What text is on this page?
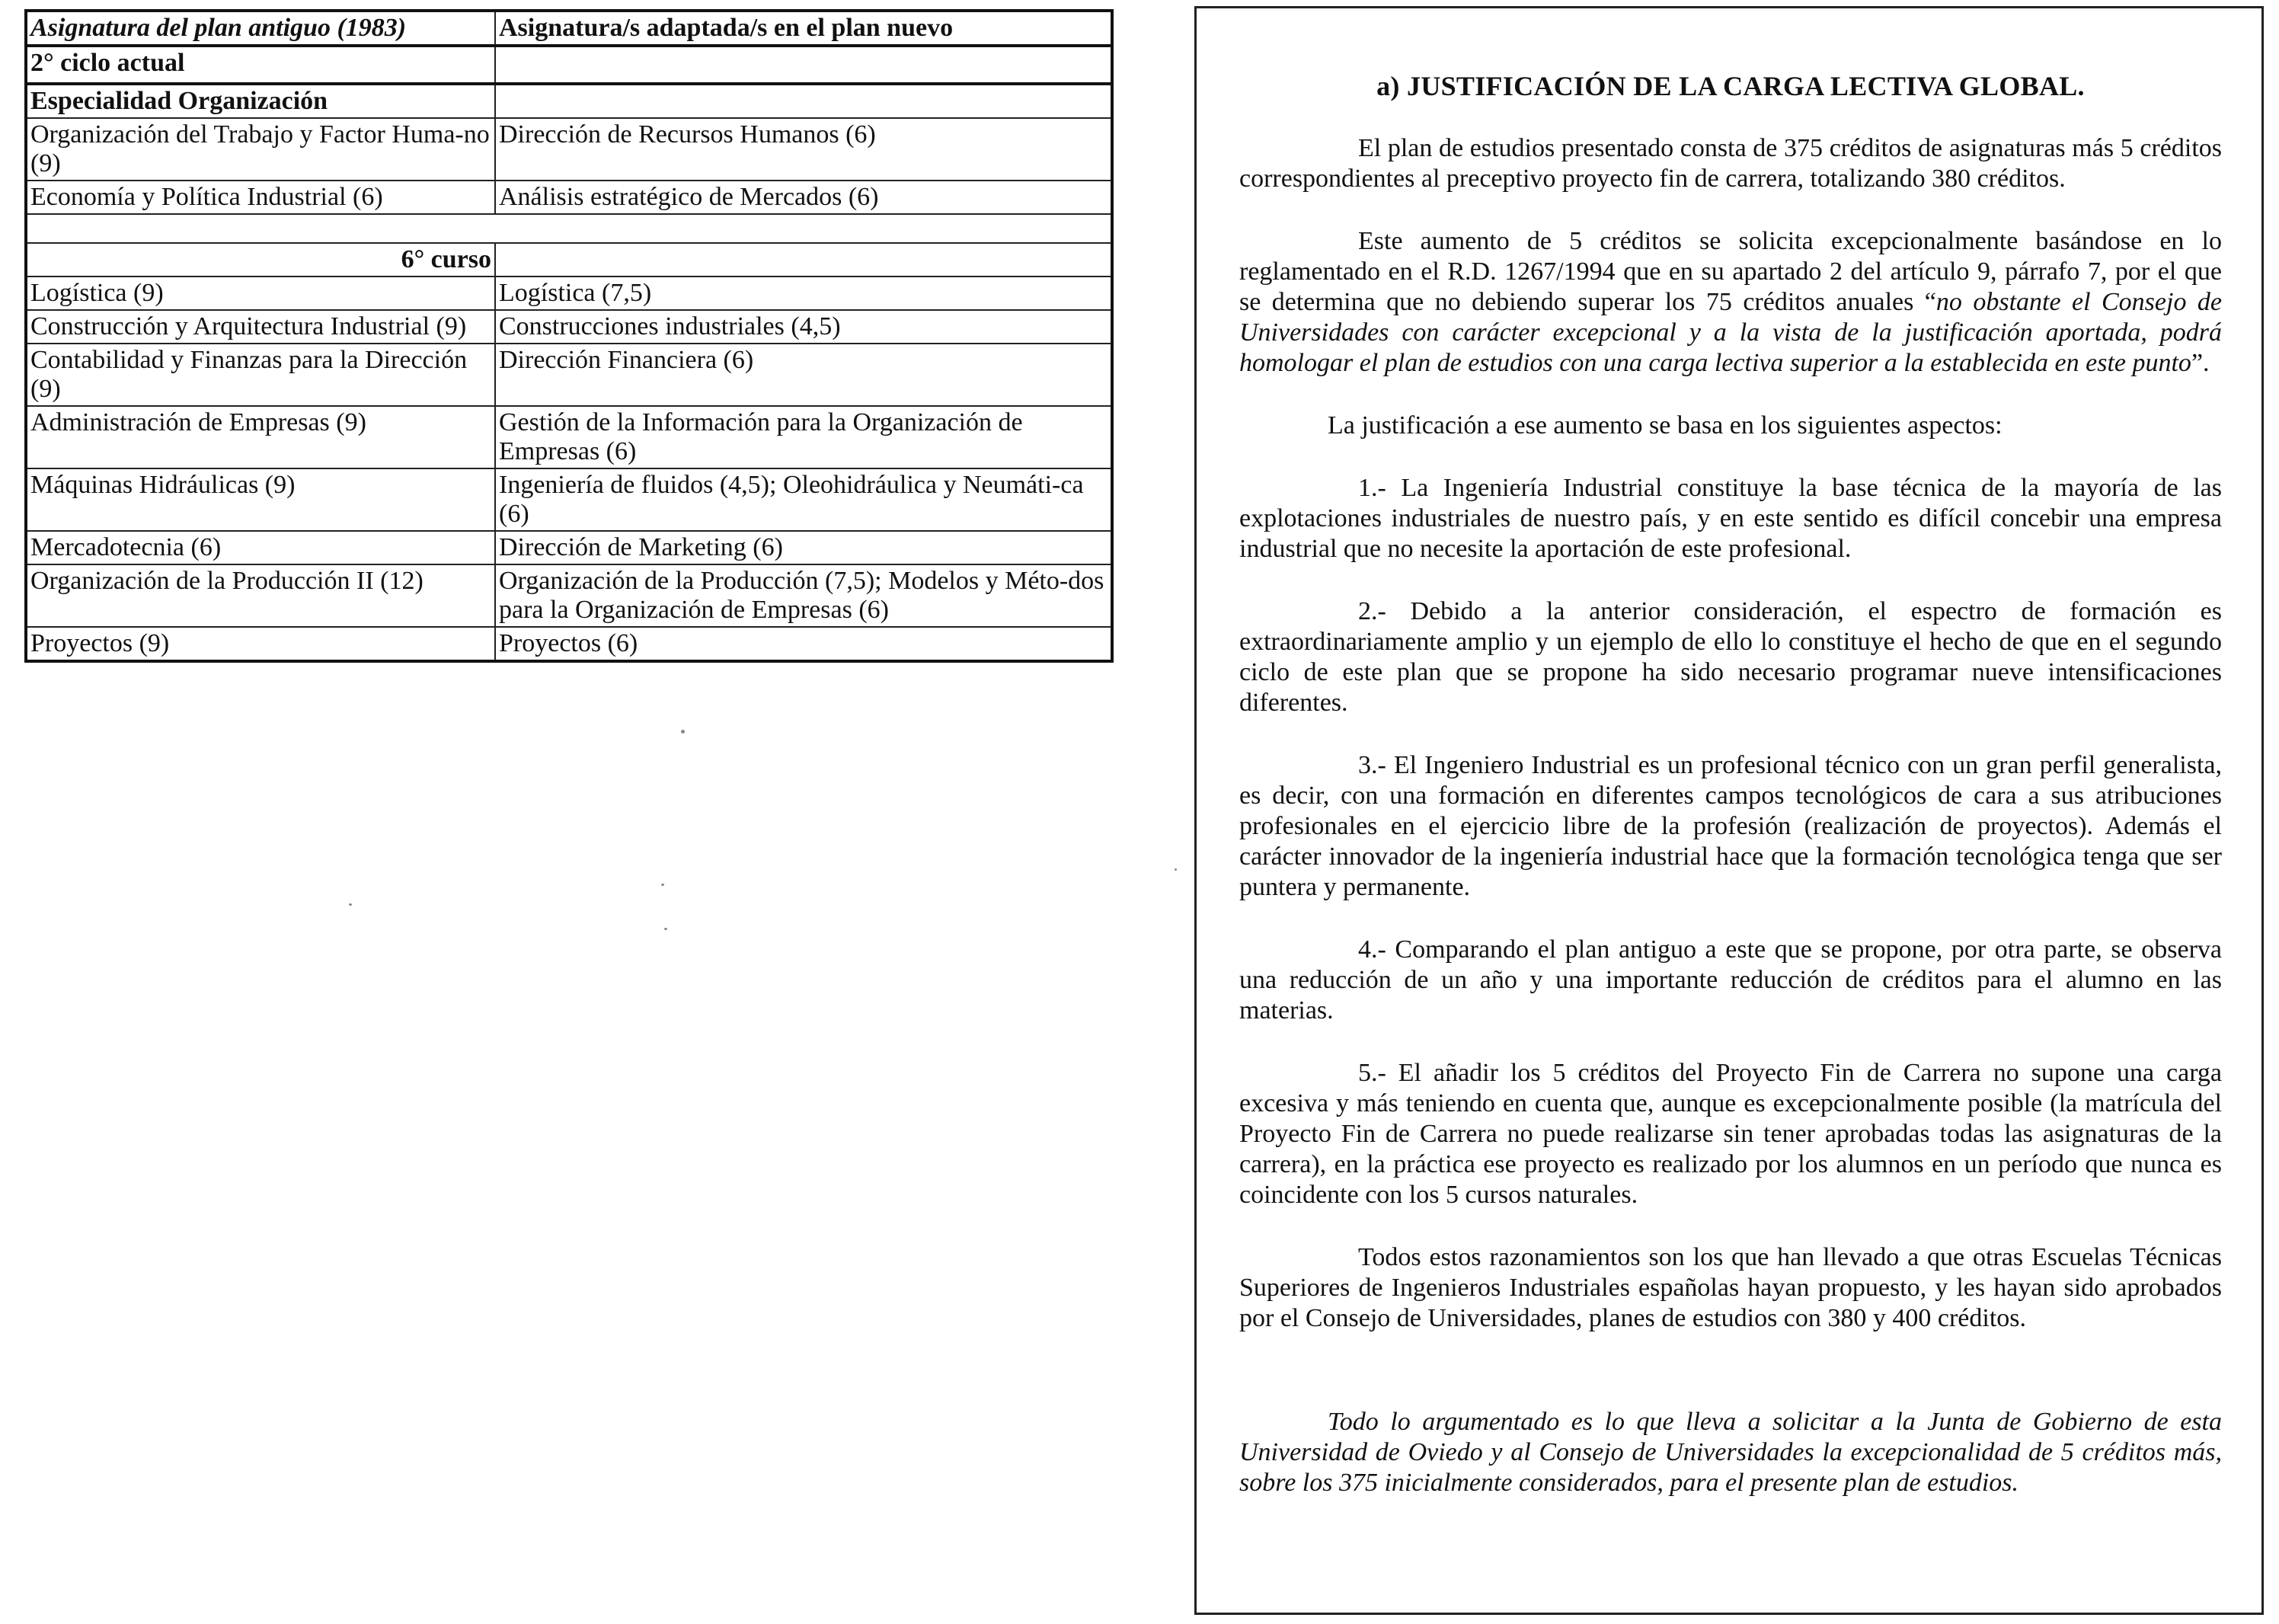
Asignatura del plan antiguo (1983)	Asignatura/s adaptada/s en el plan nuevo
2° ciclo actual	
Especialidad Organización	
Organización del Trabajo y Factor Huma-no (9)	Dirección de Recursos Humanos (6)
Economía y Política Industrial (6)	Análisis estratégico de Mercados (6)

6° curso	
Logística (9)	Logística (7,5)
Construcción y Arquitectura Industrial (9)	Construcciones industriales (4,5)
Contabilidad y Finanzas para la Dirección (9)	Dirección Financiera (6)
Administración de Empresas (9)	Gestión de la Información para la Organización de Empresas (6)
Máquinas Hidráulicas (9)	Ingeniería de fluidos (4,5); Oleohidráulica y Neumáti-ca (6)
Mercadotecnia (6)	Dirección de Marketing (6)
Organización de la Producción II (12)	Organización de la Producción (7,5); Modelos y Méto-dos para la Organización de Empresas (6)
Proyectos (9)	Proyectos (6)
a) JUSTIFICACIÓN DE LA CARGA LECTIVA GLOBAL.

El plan de estudios presentado consta de 375 créditos de asignaturas más 5 créditos correspondientes al preceptivo proyecto fin de carrera, totalizando 380 créditos.

Este aumento de 5 créditos se solicita excepcionalmente basándose en lo reglamentado en el R.D. 1267/1994 que en su apartado 2 del artículo 9, párrafo 7, por el que se determina que no debiendo superar los 75 créditos anuales “no obstante el Consejo de Universidades con carácter excepcional y a la vista de la justificación aportada, podrá homologar el plan de estudios con una carga lectiva superior a la establecida en este punto”.

La justificación a ese aumento se basa en los siguientes aspectos:

1.- La Ingeniería Industrial constituye la base técnica de la mayoría de las explotaciones industriales de nuestro país, y en este sentido es difícil concebir una empresa industrial que no necesite la aportación de este profesional.

2.- Debido a la anterior consideración, el espectro de formación es extraordinariamente amplio y un ejemplo de ello lo constituye el hecho de que en el segundo ciclo de este plan que se propone ha sido necesario programar nueve intensificaciones diferentes.

3.- El Ingeniero Industrial es un profesional técnico con un gran perfil generalista, es decir, con una formación en diferentes campos tecnológicos de cara a sus atribuciones profesionales en el ejercicio libre de la profesión (realización de proyectos). Además el carácter innovador de la ingeniería industrial hace que la formación tecnológica tenga que ser puntera y permanente.

4.- Comparando el plan antiguo a este que se propone, por otra parte, se observa una reducción de un año y una importante reducción de créditos para el alumno en las materias.

5.- El añadir los 5 créditos del Proyecto Fin de Carrera no supone una carga excesiva y más teniendo en cuenta que, aunque es excepcionalmente posible (la matrícula del Proyecto Fin de Carrera no puede realizarse sin tener aprobadas todas las asignaturas de la carrera), en la práctica ese proyecto es realizado por los alumnos en un período que nunca es coincidente con los 5 cursos naturales.

Todos estos razonamientos son los que han llevado a que otras Escuelas Técnicas Superiores de Ingenieros Industriales españolas hayan propuesto, y les hayan sido aprobados por el Consejo de Universidades, planes de estudios con 380 y 400 créditos.

Todo lo argumentado es lo que lleva a solicitar a la Junta de Gobierno de esta Universidad de Oviedo y al Consejo de Universidades la excepcionalidad de 5 créditos más, sobre los 375 inicialmente considerados, para el presente plan de estudios.
